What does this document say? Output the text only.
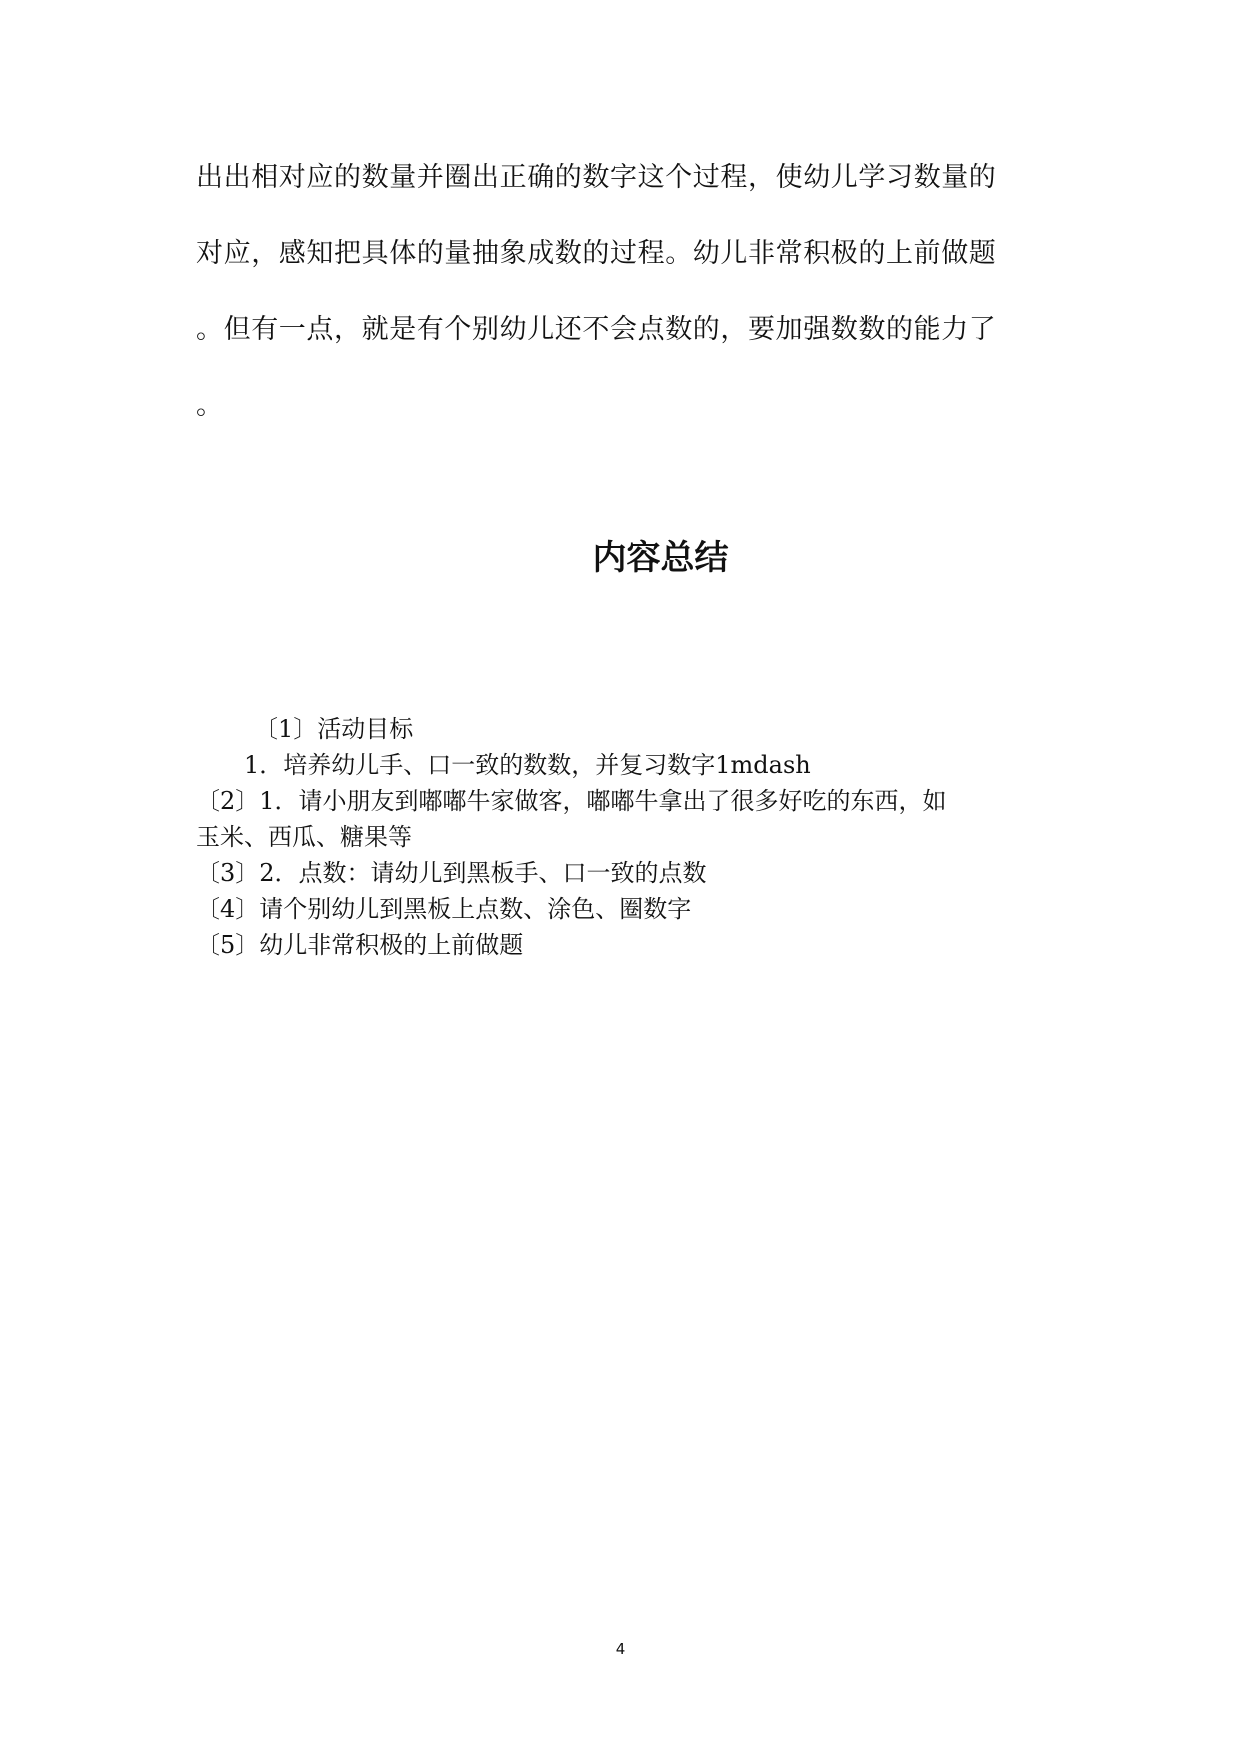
出出相对应的数量并圈出正确的数字这个过程，使幼儿学习数量的
对应，感知把具体的量抽象成数的过程。幼儿非常积极的上前做题
。但有一点，就是有个别幼儿还不会点数的，要加强数数的能力了
。
内容总结
〔1〕活动目标
1．培养幼儿手、口一致的数数，并复习数字1mdash
〔2〕1．请小朋友到嘟嘟牛家做客，嘟嘟牛拿出了很多好吃的东西，如
玉米、西瓜、糖果等
〔3〕2．点数：请幼儿到黑板手、口一致的点数
〔4〕请个别幼儿到黑板上点数、涂色、圈数字
〔5〕幼儿非常积极的上前做题
4
